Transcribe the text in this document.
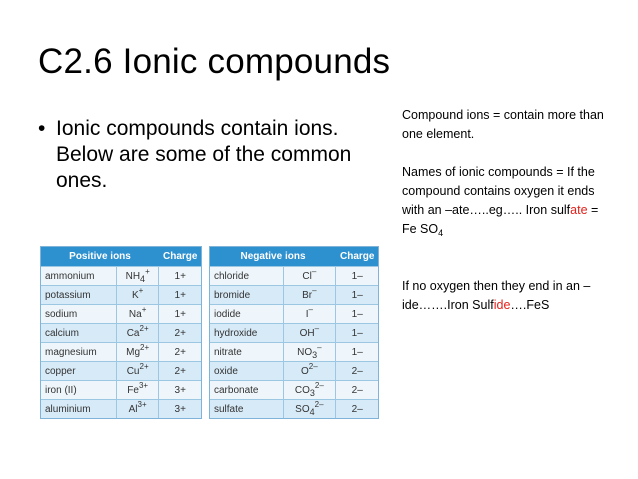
C2.6 Ionic compounds
• Ionic compounds contain ions. Below are some of the common ones.

Compound ions = contain more than one element.

Names of ionic compounds = If the compound contains oxygen it ends with an –ate…..eg….. Iron sulfate = Fe $SO_4$

If no oxygen then they end in an –ide…….Iron Sulfide….FeS

Positive ions		Charge
ammonium	$NH_4^+$	1+
potassium	K+	1+
sodium	Na+	1+
calcium	$Ca^{2+}$	2+
magnesium	$Mg^{2+}$	2+
copper	$Cu^{2+}$	2+
iron (II)	$Fe^{3+}$	3+
aluminium	$Al^{3+}$	3+
Negative ions		Charge
chloride	Cl–	1–
bromide	Br–	1–
iodide	I–	1–
hydroxide	OH–	1–
nitrate	$NO_3^-$	1–
oxide	$O^{2-}$	2–
carbonate	$CO_3^{2-}$	2–
sulfate	$SO_4^{2-}$	2–
